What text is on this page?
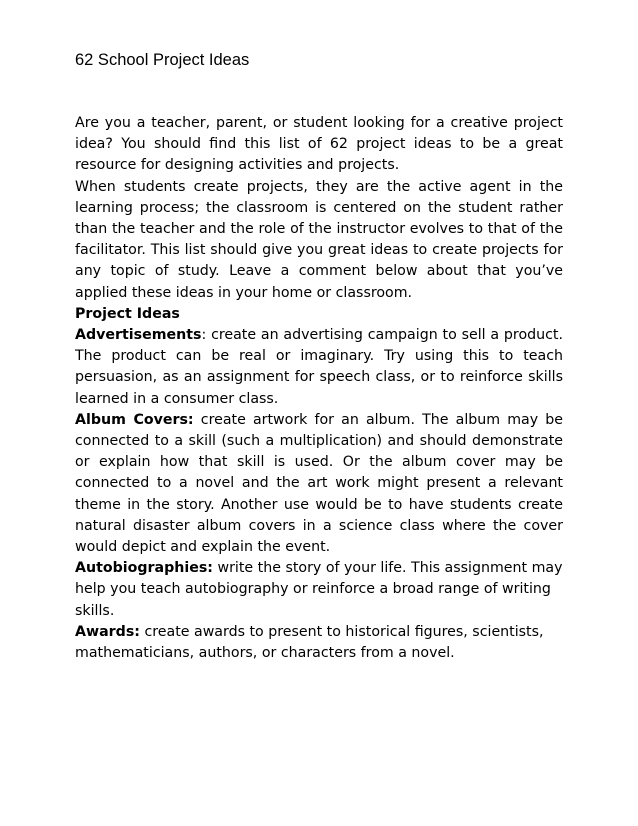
62 School Project Ideas

Are you a teacher, parent, or student looking for a creative project idea? You should find this list of 62 project ideas to be a great resource for designing activities and projects.

When students create projects, they are the active agent in the learning process; the classroom is centered on the student rather than the teacher and the role of the instructor evolves to that of the facilitator. This list should give you great ideas to create projects for any topic of study. Leave a comment below about that you’ve applied these ideas in your home or classroom.

Project Ideas

Advertisements: create an advertising campaign to sell a product. The product can be real or imaginary. Try using this to teach persuasion, as an assignment for speech class, or to reinforce skills learned in a consumer class.

Album Covers: create artwork for an album. The album may be connected to a skill (such a multiplication) and should demonstrate or explain how that skill is used. Or the album cover may be connected to a novel and the art work might present a relevant theme in the story. Another use would be to have students create natural disaster album covers in a science class where the cover would depict and explain the event.

Autobiographies: write the story of your life. This assignment may help you teach autobiography or reinforce a broad range of writing skills.

Awards: create awards to present to historical figures, scientists, mathematicians, authors, or characters from a novel.
